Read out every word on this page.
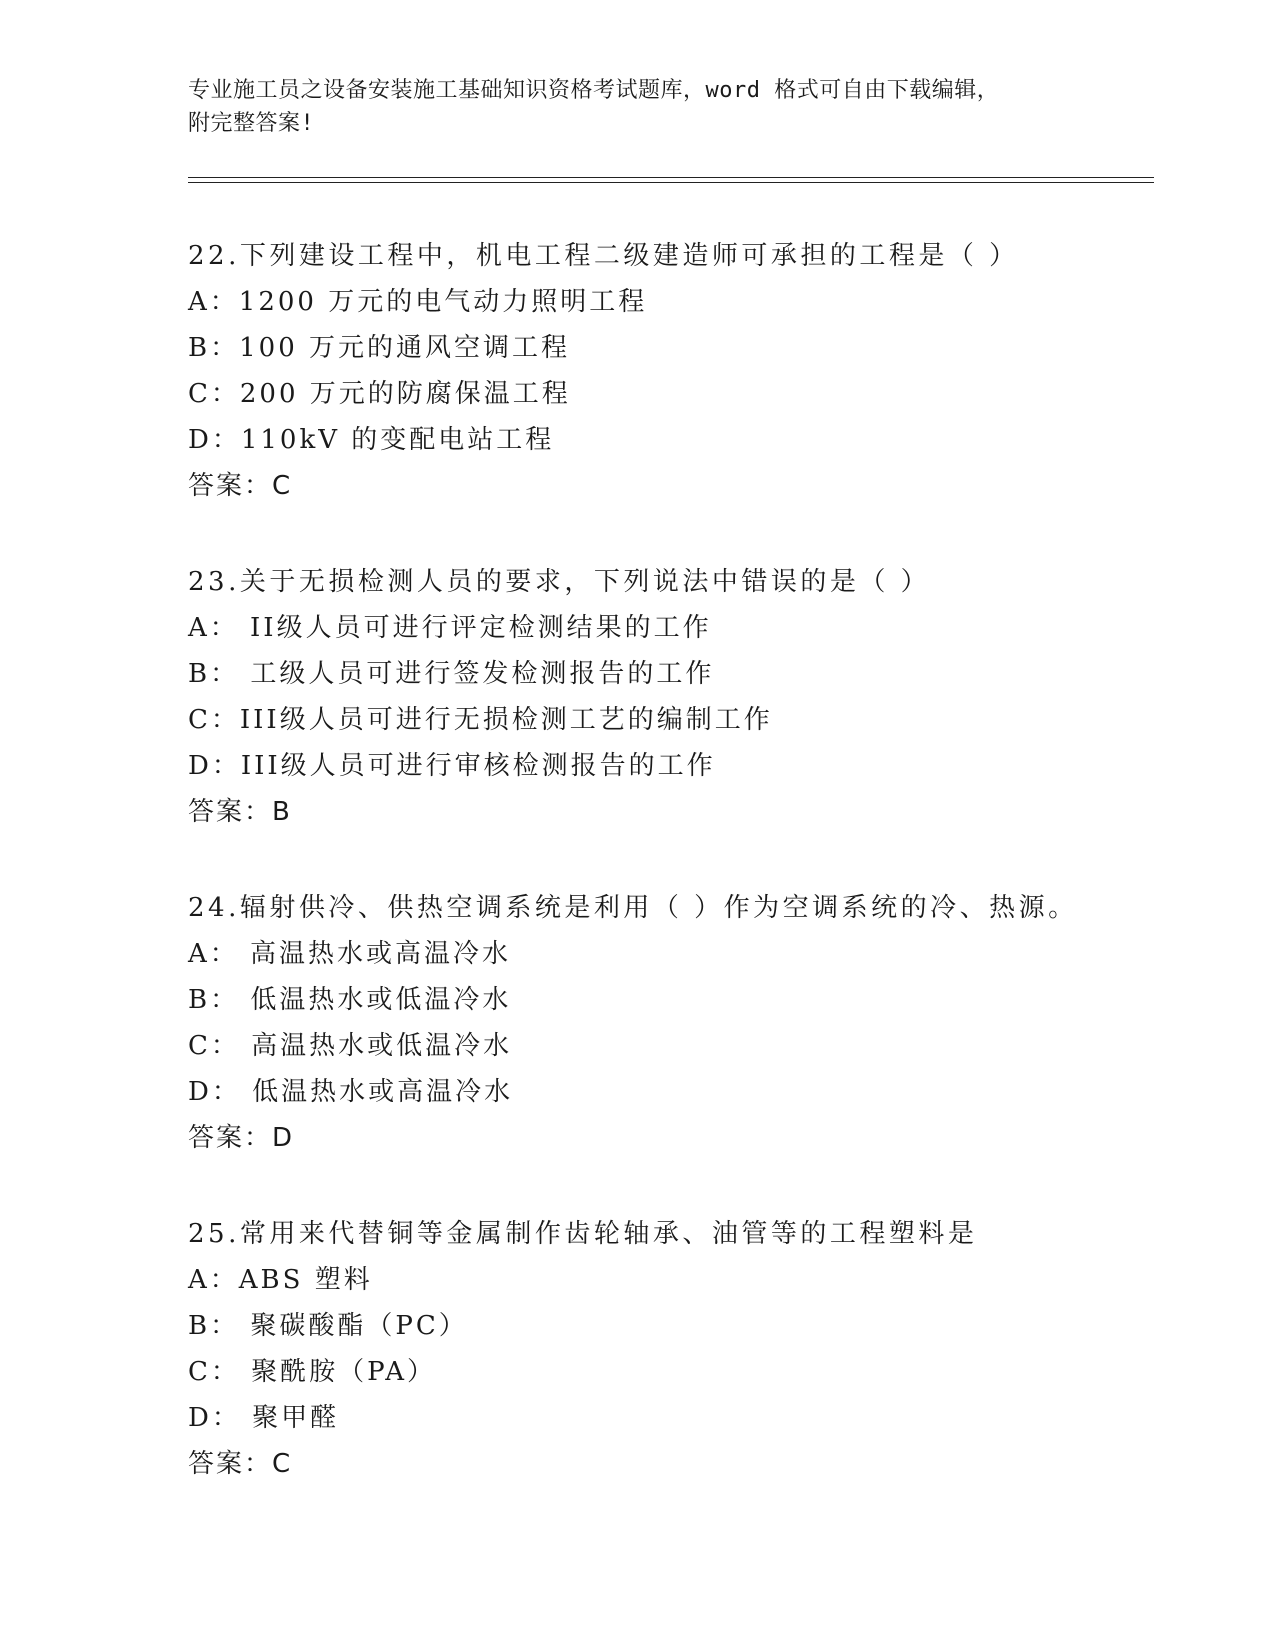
专业施工员之设备安装施工基础知识资格考试题库，word 格式可自由下载编辑，
附完整答案!
22.下列建设工程中，机电工程二级建造师可承担的工程是（ ）
A：1200 万元的电气动力照明工程
B：100 万元的通风空调工程
C：200 万元的防腐保温工程
D：110kV 的变配电站工程
答案：C
23.关于无损检测人员的要求，下列说法中错误的是（ ）
A： II级人员可进行评定检测结果的工作
B： 工级人员可进行签发检测报告的工作
C：III级人员可进行无损检测工艺的编制工作
D：III级人员可进行审核检测报告的工作
答案：B
24.辐射供冷、供热空调系统是利用（ ）作为空调系统的冷、热源。
A： 高温热水或高温冷水
B： 低温热水或低温冷水
C： 高温热水或低温冷水
D： 低温热水或高温冷水
答案：D
25.常用来代替铜等金属制作齿轮轴承、油管等的工程塑料是
A：ABS 塑料
B： 聚碳酸酯（PC）
C： 聚酰胺（PA）
D： 聚甲醛
答案：C
